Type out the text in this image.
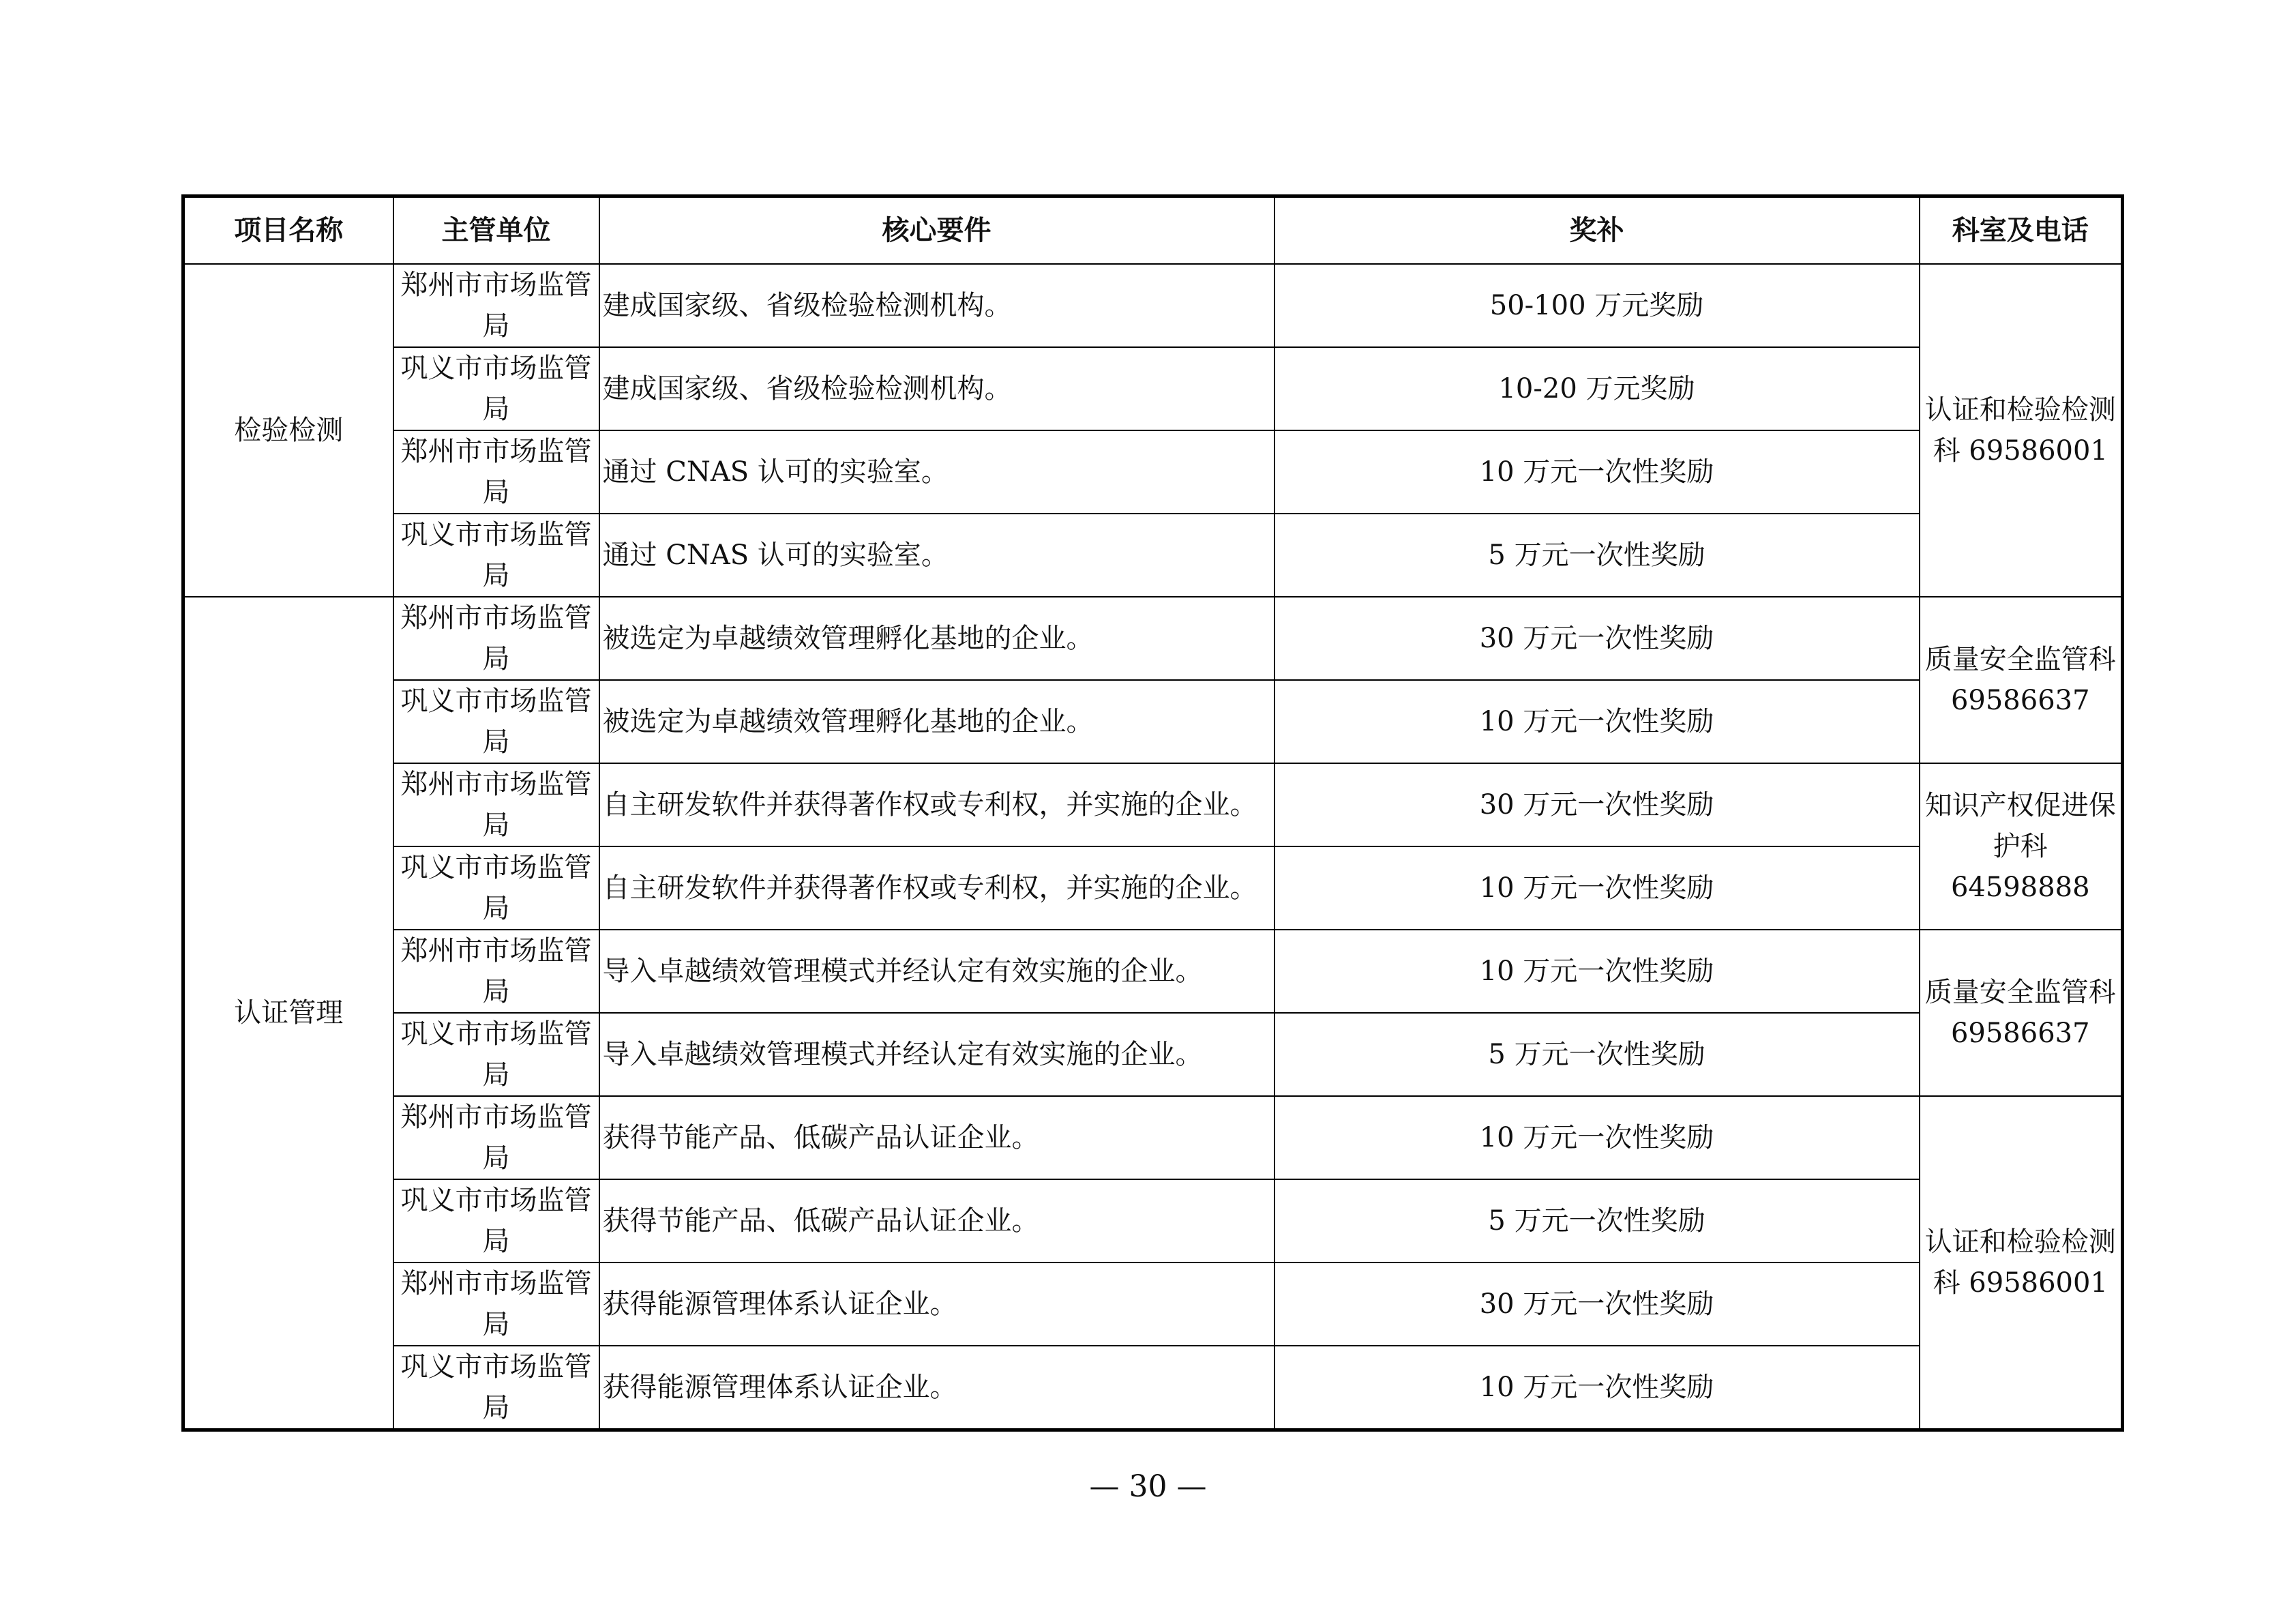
项目名称	主管单位	核心要件	奖补	科室及电话
检验检测	郑州市市场监管局	建成国家级、省级检验检测机构。	50-100 万元奖励	认证和检验检测科 69586001
	巩义市市场监管局	建成国家级、省级检验检测机构。	10-20 万元奖励	
	郑州市市场监管局	通过 CNAS 认可的实验室。	10 万元一次性奖励	
	巩义市市场监管局	通过 CNAS 认可的实验室。	5 万元一次性奖励	
认证管理	郑州市市场监管局	被选定为卓越绩效管理孵化基地的企业。	30 万元一次性奖励	质量安全监管科 69586637
	巩义市市场监管局	被选定为卓越绩效管理孵化基地的企业。	10 万元一次性奖励	
	郑州市市场监管局	自主研发软件并获得著作权或专利权，并实施的企业。	30 万元一次性奖励	知识产权促进保护科 64598888
	巩义市市场监管局	自主研发软件并获得著作权或专利权，并实施的企业。	10 万元一次性奖励	
	郑州市市场监管局	导入卓越绩效管理模式并经认定有效实施的企业。	10 万元一次性奖励	质量安全监管科 69586637
	巩义市市场监管局	导入卓越绩效管理模式并经认定有效实施的企业。	5 万元一次性奖励	
	郑州市市场监管局	获得节能产品、低碳产品认证企业。	10 万元一次性奖励	认证和检验检测科 69586001
	巩义市市场监管局	获得节能产品、低碳产品认证企业。	5 万元一次性奖励	
	郑州市市场监管局	获得能源管理体系认证企业。	30 万元一次性奖励	
	巩义市市场监管局	获得能源管理体系认证企业。	10 万元一次性奖励	
— 30 —
